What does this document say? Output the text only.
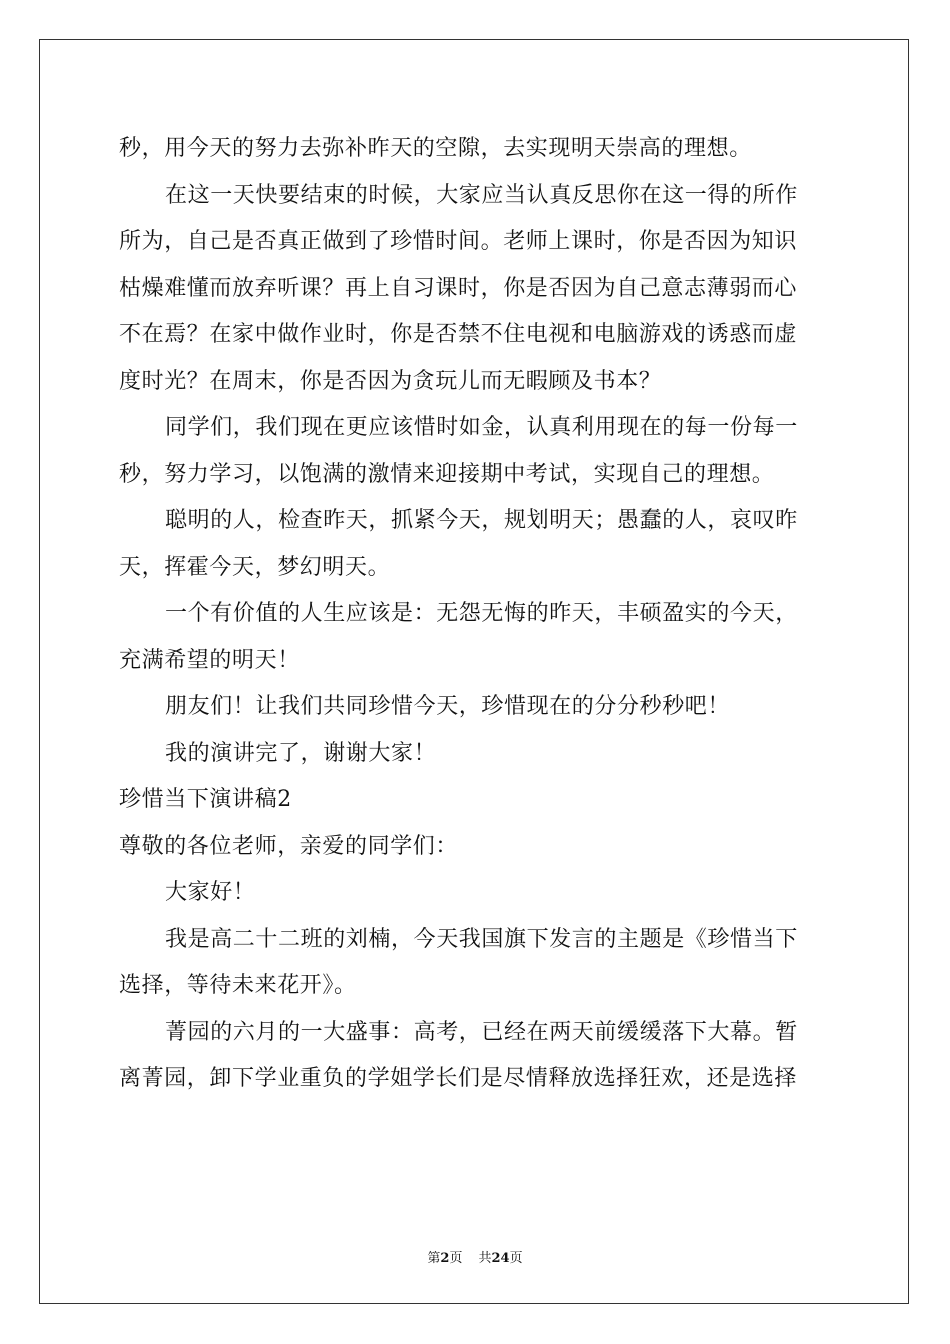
秒，用今天的努力去弥补昨天的空隙，去实现明天崇高的理想。

在这一天快要结束的时候，大家应当认真反思你在这一得的所作

所为，自己是否真正做到了珍惜时间。老师上课时，你是否因为知识

枯燥难懂而放弃听课？再上自习课时，你是否因为自己意志薄弱而心

不在焉？在家中做作业时，你是否禁不住电视和电脑游戏的诱惑而虚

度时光？在周末，你是否因为贪玩儿而无暇顾及书本？

同学们，我们现在更应该惜时如金，认真利用现在的每一份每一

秒，努力学习，以饱满的激情来迎接期中考试，实现自己的理想。

聪明的人，检查昨天，抓紧今天，规划明天；愚蠢的人，哀叹昨

天，挥霍今天，梦幻明天。

一个有价值的人生应该是：无怨无悔的昨天，丰硕盈实的今天，

充满希望的明天！

朋友们！让我们共同珍惜今天，珍惜现在的分分秒秒吧！

我的演讲完了，谢谢大家！

珍惜当下演讲稿2

尊敬的各位老师，亲爱的同学们：

大家好！

我是高二十二班的刘楠，今天我国旗下发言的主题是《珍惜当下

选择，等待未来花开》。

菁园的六月的一大盛事：高考，已经在两天前缓缓落下大幕。暂

离菁园，卸下学业重负的学姐学长们是尽情释放选择狂欢，还是选择

第2页 共24页
